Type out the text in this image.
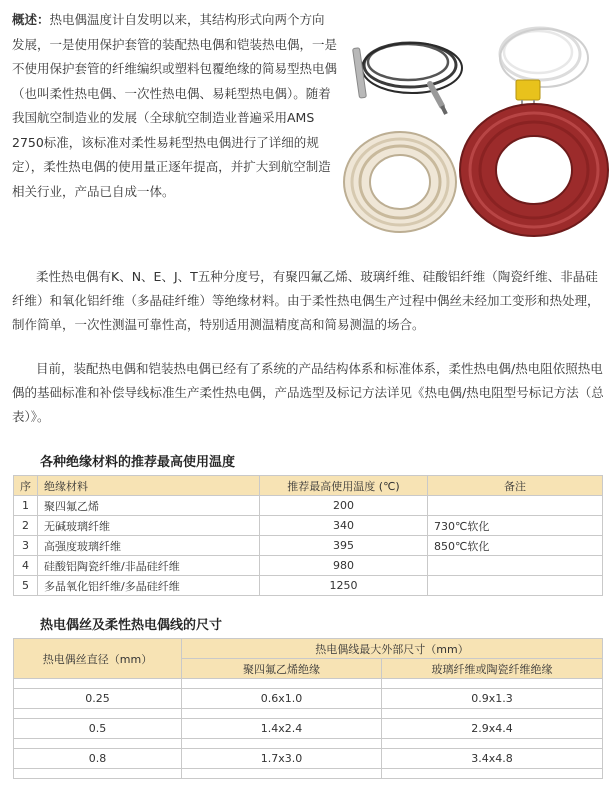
概述：热电偶温度计自发明以来，其结构形式向两个方向发展，一是使用保护套管的装配热电偶和铠装热电偶，一是不使用保护套管的纤维编织或塑料包覆绝缘的简易型热电偶（也叫柔性热电偶、一次性热电偶、易耗型热电偶）。随着我国航空制造业的发展（全球航空制造业普遍采用AMS 2750标准，该标准对柔性易耗型热电偶进行了详细的规定），柔性热电偶的使用量正逐年提高，并扩大到航空制造相关行业，产品已自成一体。

柔性热电偶有K、N、E、J、T五种分度号，有聚四氟乙烯、玻璃纤维、硅酸铝纤维（陶瓷纤维、非晶硅纤维）和氧化铝纤维（多晶硅纤维）等绝缘材料。由于柔性热电偶生产过程中偶丝未经加工变形和热处理，制作简单，一次性测温可靠性高，特别适用测温精度高和简易测温的场合。

目前，装配热电偶和铠装热电偶已经有了系统的产品结构体系和标准体系，柔性热电偶/热电阻依照热电偶的基础标准和补偿导线标准生产柔性热电偶，产品选型及标记方法详见《热电偶/热电阻型号标记方法（总表）》。

各种绝缘材料的推荐最高使用温度
序	绝缘材料	推荐最高使用温度 (℃)	备注
1	聚四氟乙烯	200	
2	无碱玻璃纤维	340	730℃软化
3	高强度玻璃纤维	395	850℃软化
4	硅酸铝陶瓷纤维/非晶硅纤维	980	
5	多晶氧化铝纤维/多晶硅纤维	1250	
热电偶丝及柔性热电偶线的尺寸
热电偶丝直径（mm）	热电偶线最大外部尺寸（mm）	
	聚四氟乙烯绝缘	玻璃纤维或陶瓷纤维绝缘

0.25	0.6x1.0	0.9x1.3

0.5	1.4x2.4	2.9x4.4

0.8	1.7x3.0	3.4x4.8
